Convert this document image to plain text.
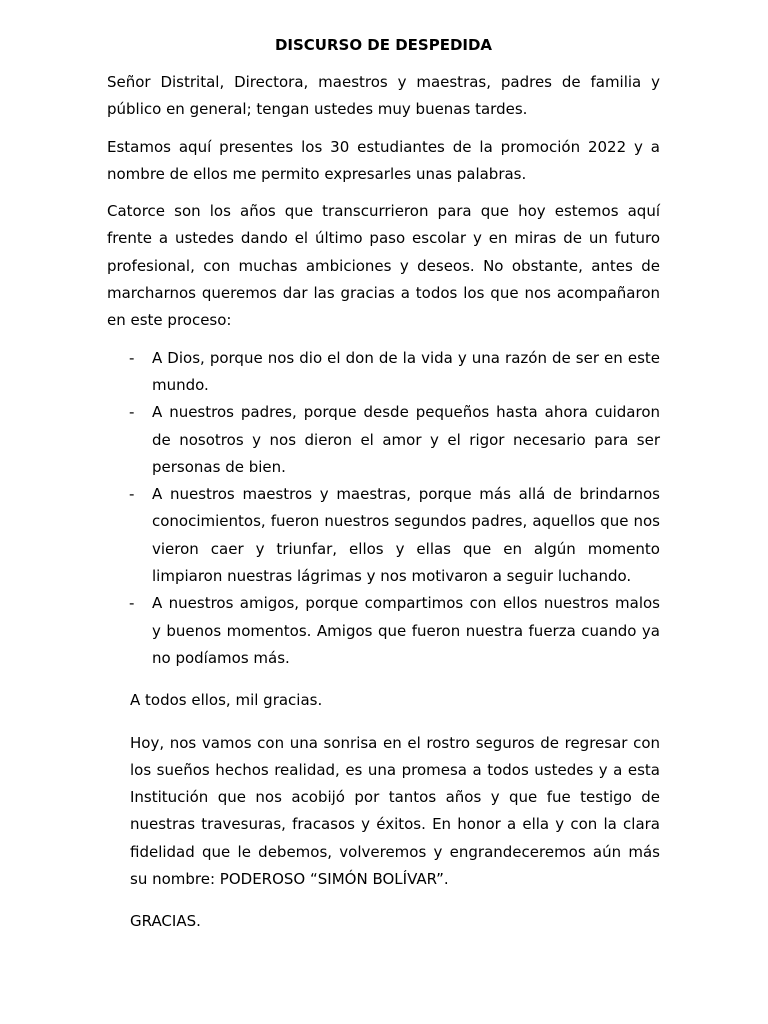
DISCURSO DE DESPEDIDA

Señor Distrital, Directora, maestros y maestras, padres de familia y público en general; tengan ustedes muy buenas tardes.

Estamos aquí presentes los 30 estudiantes de la promoción 2022 y a nombre de ellos me permito expresarles unas palabras.

Catorce son los años que transcurrieron para que hoy estemos aquí frente a ustedes dando el último paso escolar y en miras de un futuro profesional, con muchas ambiciones y deseos. No obstante, antes de marcharnos queremos dar las gracias a todos los que nos acompañaron en este proceso:

- A Dios, porque nos dio el don de la vida y una razón de ser en este mundo.
- A nuestros padres, porque desde pequeños hasta ahora cuidaron de nosotros y nos dieron el amor y el rigor necesario para ser personas de bien.
- A nuestros maestros y maestras, porque más allá de brindarnos conocimientos, fueron nuestros segundos padres, aquellos que nos vieron caer y triunfar, ellos y ellas que en algún momento limpiaron nuestras lágrimas y nos motivaron a seguir luchando.
- A nuestros amigos, porque compartimos con ellos nuestros malos y buenos momentos. Amigos que fueron nuestra fuerza cuando ya no podíamos más.

A todos ellos, mil gracias.

Hoy, nos vamos con una sonrisa en el rostro seguros de regresar con los sueños hechos realidad, es una promesa a todos ustedes y a esta Institución que nos acobijó por tantos años y que fue testigo de nuestras travesuras, fracasos y éxitos. En honor a ella y con la clara fidelidad que le debemos, volveremos y engrandeceremos aún más su nombre: PODEROSO “SIMÓN BOLÍVAR”.

GRACIAS.
